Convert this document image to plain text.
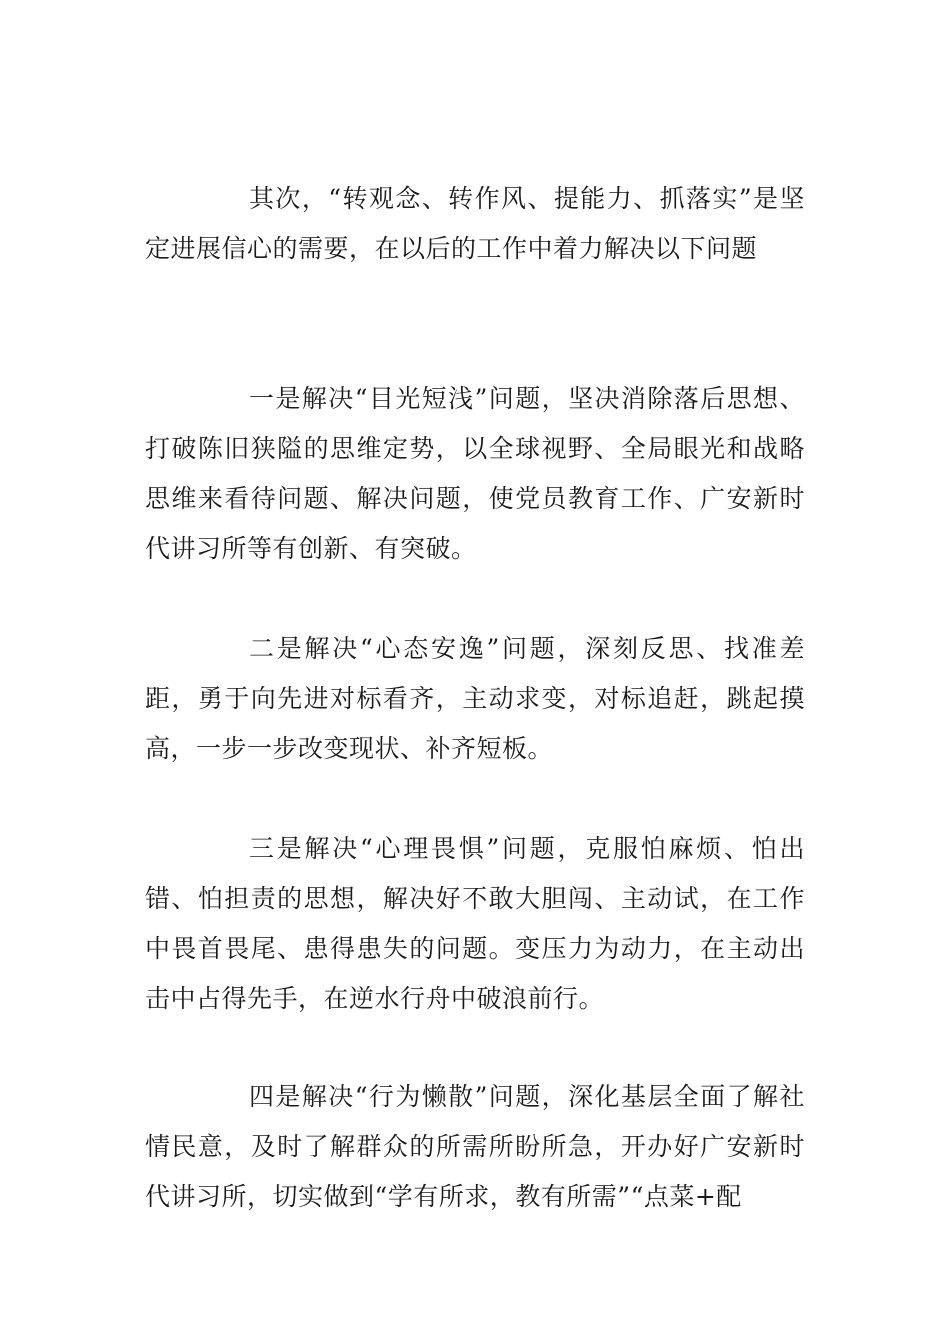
其次，“转观念、转作风、提能力、抓落实”是坚定进展信心的需要，在以后的工作中着力解决以下问题

一是解决“目光短浅”问题，坚决消除落后思想、打破陈旧狭隘的思维定势，以全球视野、全局眼光和战略思维来看待问题、解决问题，使党员教育工作、广安新时代讲习所等有创新、有突破。

二是解决“心态安逸”问题，深刻反思、找准差距，勇于向先进对标看齐，主动求变，对标追赶，跳起摸高，一步一步改变现状、补齐短板。

三是解决“心理畏惧”问题，克服怕麻烦、怕出错、怕担责的思想，解决好不敢大胆闯、主动试，在工作中畏首畏尾、患得患失的问题。变压力为动力，在主动出击中占得先手，在逆水行舟中破浪前行。

四是解决“行为懒散”问题，深化基层全面了解社情民意，及时了解群众的所需所盼所急，开办好广安新时代讲习所，切实做到“学有所求，教有所需”“点菜+配
